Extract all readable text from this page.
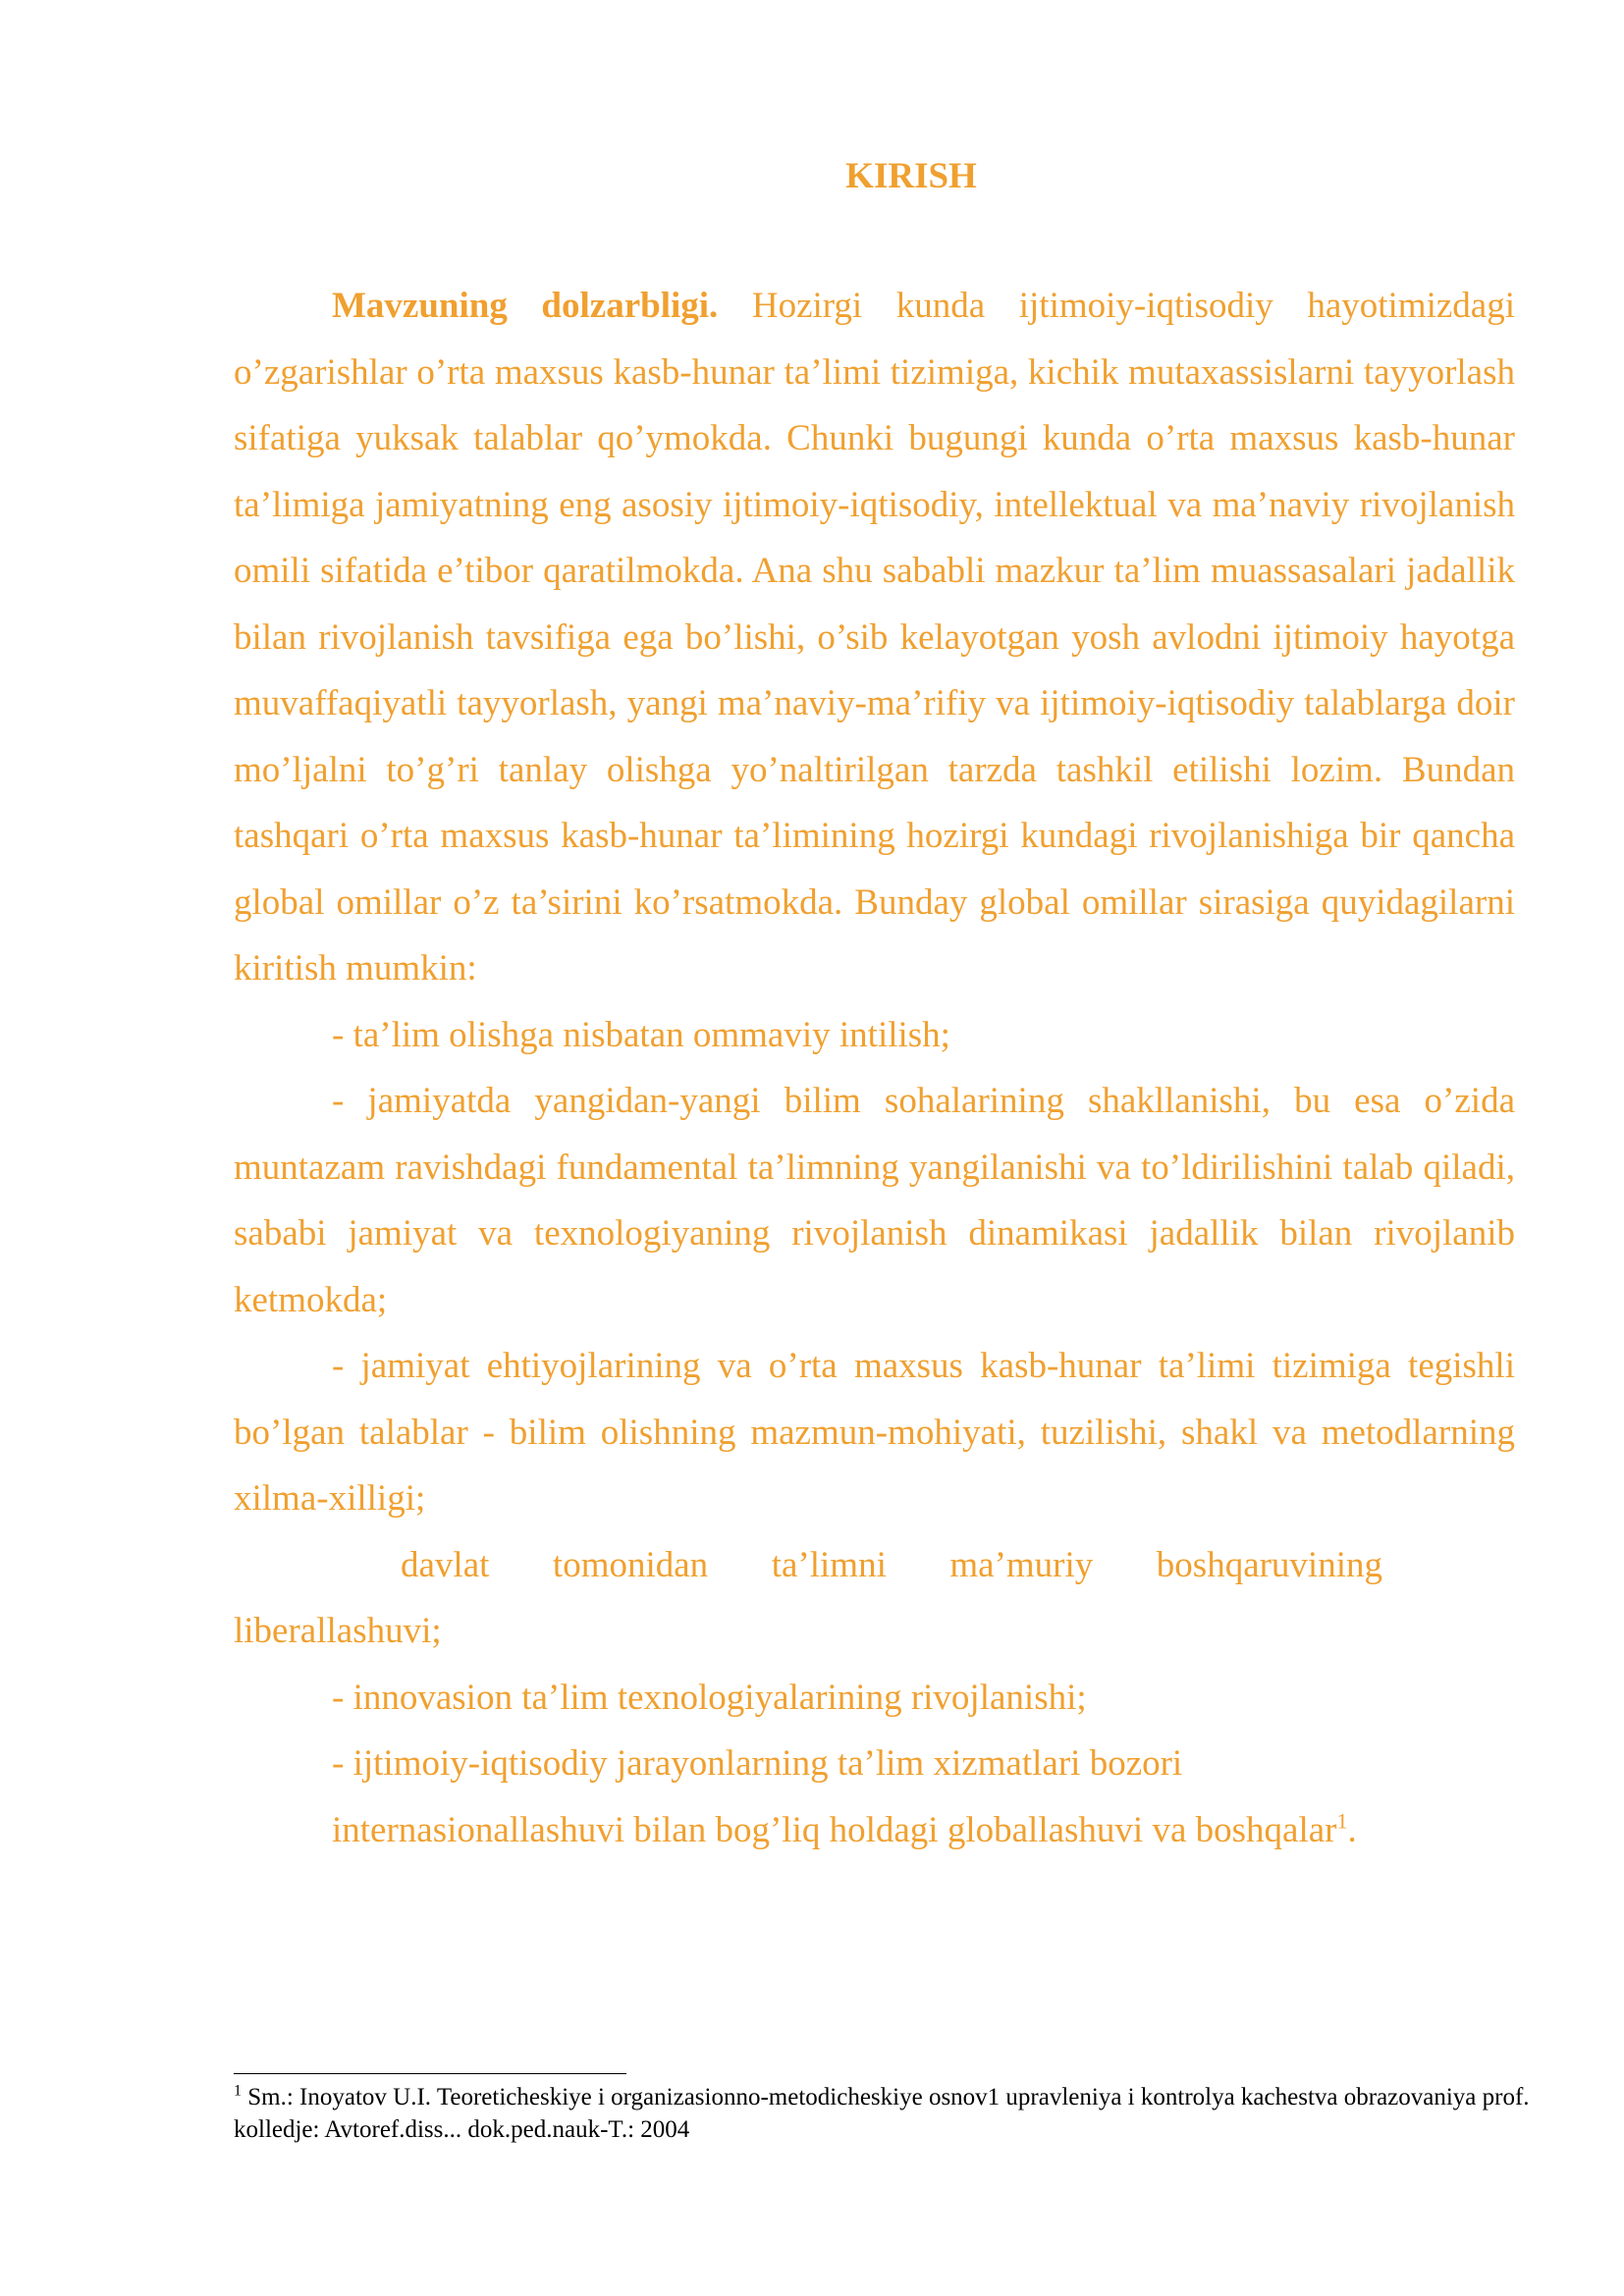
KIRISH

Mavzuning dolzarbligi. Hozirgi kunda ijtimoiy-iqtisodiy hayotimizdagi o’zgarishlar o’rta maxsus kasb-hunar ta’limi tizimiga, kichik mutaxassislarni tayyorlash sifatiga yuksak talablar qo’ymokda. Chunki bugungi kunda o’rta maxsus kasb-hunar ta’limiga jamiyatning eng asosiy ijtimoiy-iqtisodiy, intellektual va ma’naviy rivojlanish omili sifatida e’tibor qaratilmokda. Ana shu sababli mazkur ta’lim muassasalari jadallik bilan rivojlanish tavsifiga ega bo’lishi, o’sib kelayotgan yosh avlodni ijtimoiy hayotga muvaffaqiyatli tayyorlash, yangi ma’naviy-ma’rifiy va ijtimoiy-iqtisodiy talablarga doir mo’ljalni to’g’ri tanlay olishga yo’naltirilgan tarzda tashkil etilishi lozim. Bundan tashqari o’rta maxsus kasb-hunar ta’limining hozirgi kundagi rivojlanishiga bir qancha global omillar o’z ta’sirini ko’rsatmokda. Bunday global omillar sirasiga quyidagilarni kiritish mumkin:

- ta’lim olishga nisbatan ommaviy intilish;

- jamiyatda yangidan-yangi bilim sohalarining shakllanishi, bu esa o’zida muntazam ravishdagi fundamental ta’limning yangilanishi va to’ldirilishini talab qiladi, sababi jamiyat va texnologiyaning rivojlanish dinamikasi jadallik bilan rivojlanib ketmokda;

- jamiyat ehtiyojlarining va o’rta maxsus kasb-hunar ta’limi tizimiga tegishli bo’lgan talablar - bilim olishning mazmun-mohiyati, tuzilishi, shakl va metodlarning xilma-xilligi;

davlat tomonidan ta’limni ma’muriy boshqaruvining

liberallashuvi;

- innovasion ta’lim texnologiyalarining rivojlanishi;

- ijtimoiy-iqtisodiy jarayonlarning ta’lim xizmatlari bozori

internasionallashuvi bilan bog’liq holdagi globallashuvi va boshqalar$^1$.

$^1$ Sm.: Inoyatov U.I. Teoreticheskiye i organizasionno-metodicheskiye osnov1 upravleniya i kontrolya kachestva obrazovaniya prof. kolledje: Avtoref.diss... dok.ped.nauk-T.: 2004
